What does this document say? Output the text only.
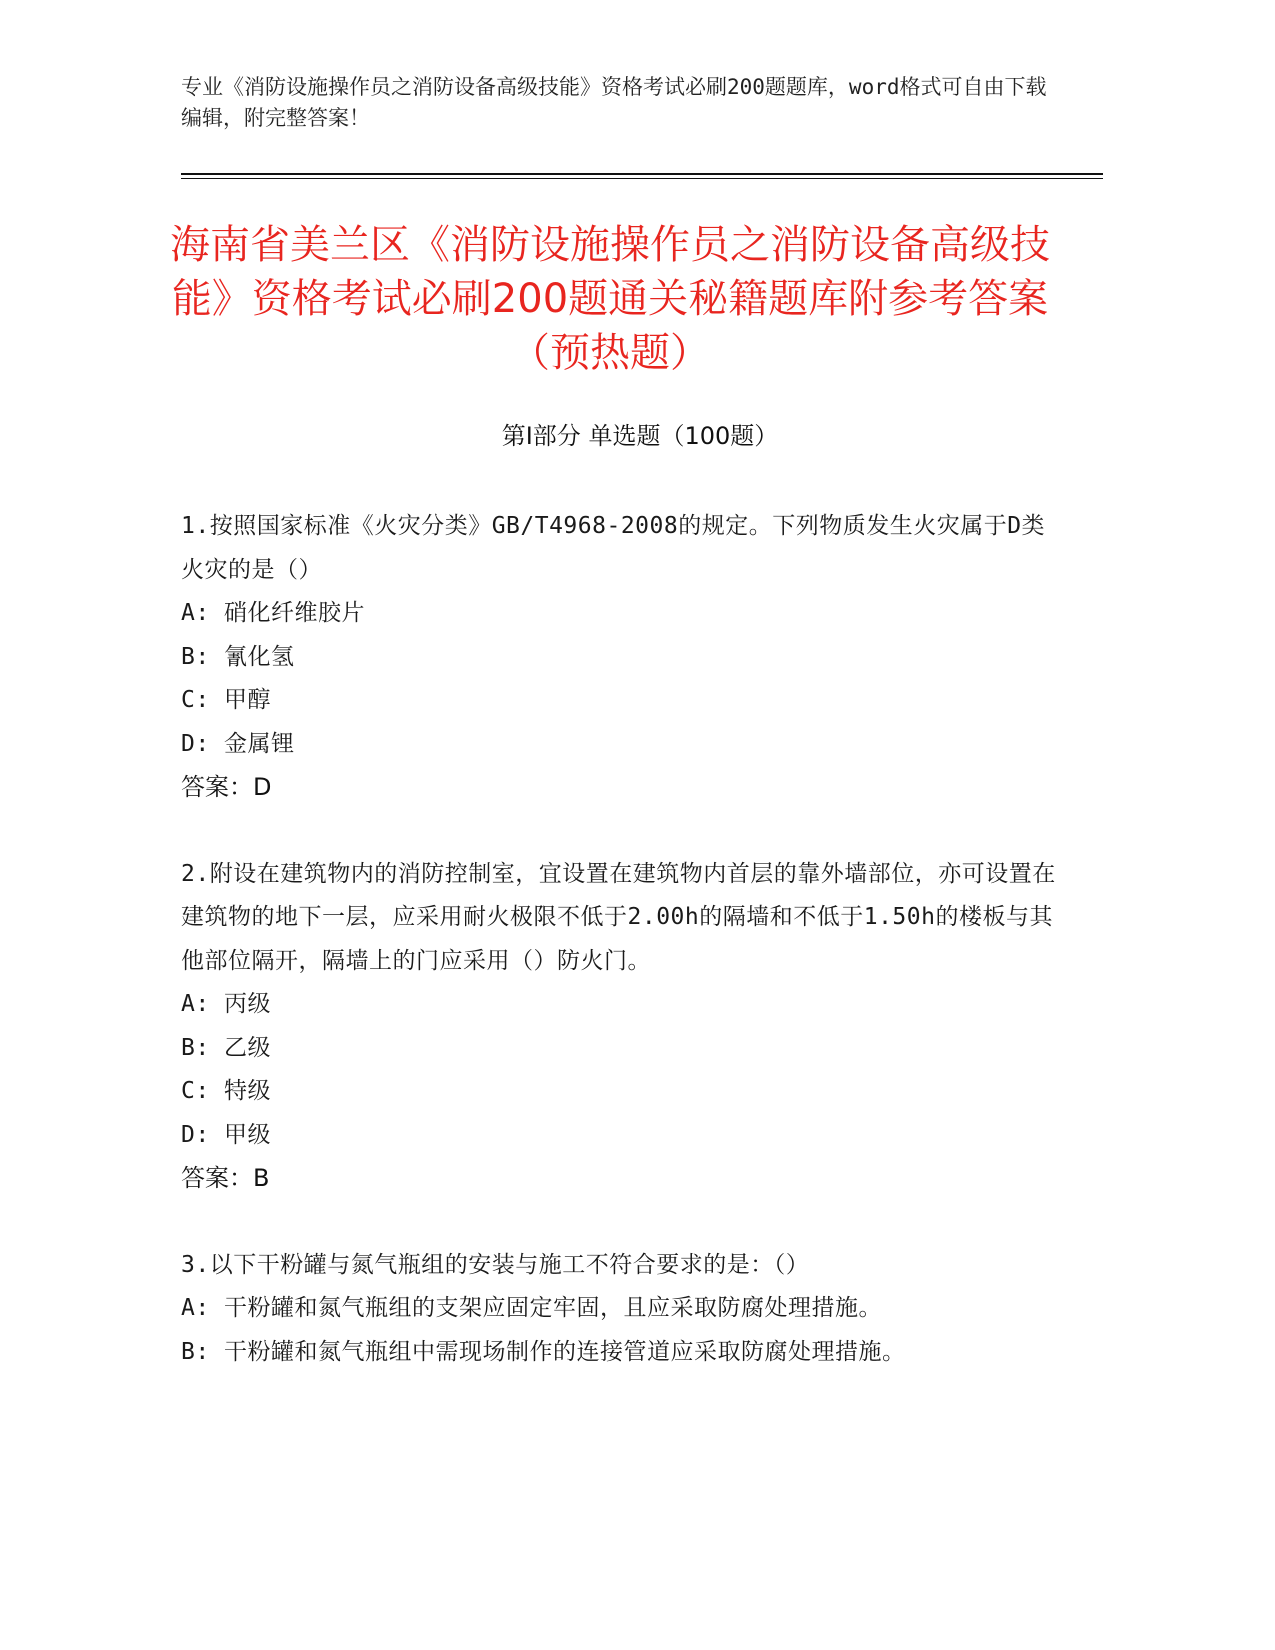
专业《消防设施操作员之消防设备高级技能》资格考试必刷200题题库，word格式可自由下载编辑，附完整答案！
海南省美兰区《消防设施操作员之消防设备高级技能》资格考试必刷200题通关秘籍题库附参考答案（预热题）
第I部分 单选题（100题）
1.按照国家标准《火灾分类》GB/T4968-2008的规定。下列物质发生火灾属于D类火灾的是（）
A: 硝化纤维胶片
B: 氰化氢
C: 甲醇
D: 金属锂
答案：D
2.附设在建筑物内的消防控制室，宜设置在建筑物内首层的靠外墙部位，亦可设置在建筑物的地下一层，应采用耐火极限不低于2.00h的隔墙和不低于1.50h的楼板与其他部位隔开，隔墙上的门应采用（）防火门。
A: 丙级
B: 乙级
C: 特级
D: 甲级
答案：B
3.以下干粉罐与氮气瓶组的安装与施工不符合要求的是：（）
A: 干粉罐和氮气瓶组的支架应固定牢固，且应采取防腐处理措施。
B: 干粉罐和氮气瓶组中需现场制作的连接管道应采取防腐处理措施。
